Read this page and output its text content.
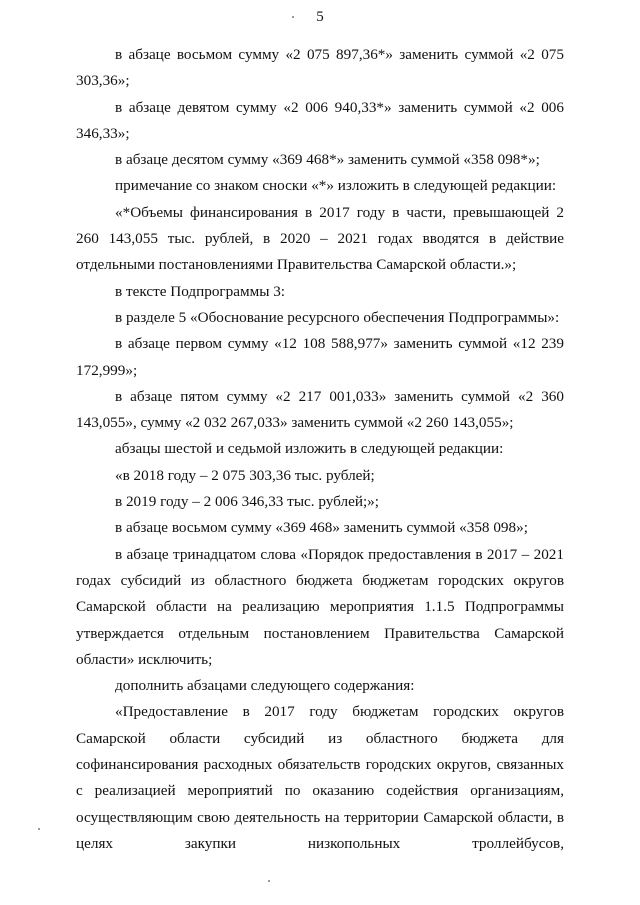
5

в абзаце восьмом сумму «2 075 897,36*» заменить суммой «2 075 303,36»;

в абзаце девятом сумму «2 006 940,33*» заменить суммой «2 006 346,33»;

в абзаце десятом сумму «369 468*» заменить суммой «358 098*»;

примечание со знаком сноски «*» изложить в следующей редакции:

«*Объемы финансирования в 2017 году в части, превышающей 2 260 143,055 тыс. рублей, в 2020 – 2021 годах вводятся в действие отдельными постановлениями Правительства Самарской области.»;

в тексте Подпрограммы 3:

в разделе 5 «Обоснование ресурсного обеспечения Подпрограммы»:

в абзаце первом сумму «12 108 588,977» заменить суммой «12 239 172,999»;

в абзаце пятом сумму «2 217 001,033» заменить суммой «2 360 143,055», сумму «2 032 267,033» заменить суммой «2 260 143,055»;

абзацы шестой и седьмой изложить в следующей редакции:

«в 2018 году – 2 075 303,36 тыс. рублей;

в 2019 году – 2 006 346,33 тыс. рублей;»;

в абзаце восьмом сумму «369 468» заменить суммой «358 098»;

в абзаце тринадцатом слова «Порядок предоставления в 2017 – 2021 годах субсидий из областного бюджета бюджетам городских округов Самарской области на реализацию мероприятия 1.1.5 Подпрограммы утверждается отдельным постановлением Правительства Самарской области» исключить;

дополнить абзацами следующего содержания:

«Предоставление в 2017 году бюджетам городских округов Самарской области субсидий из областного бюджета для софинансирования расходных обязательств городских округов, связанных с реализацией мероприятий по оказанию содействия организациям, осуществляющим свою деятельность на территории Самарской области, в целях закупки низкопольных троллейбусов,
